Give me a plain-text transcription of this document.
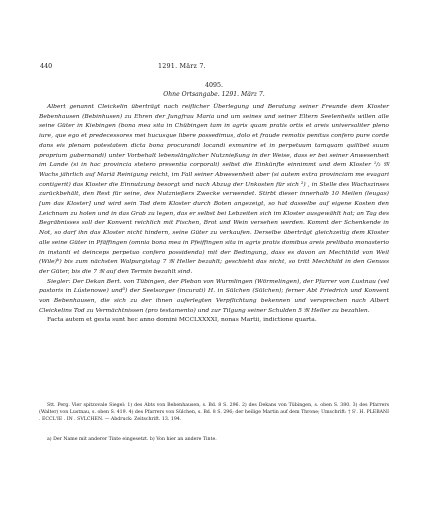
440	1291. März 7.
4095.
Ohne Ortsangabe. 1291. März 7.

Albert genannt Cleickelin überträgt nach reiflicher Überlegung und Beratung seiner Freunde dem Kloster Bebenhausen (Bebinhusen) zu Ehren der Jungfrau Maria und um seines und seiner Eltern Seelenheils willen alle seine Güter in Kiebingen (bona mea sita in Chübingen tam in agris quam pratis ortis et areis universaliter pleno iure, que ego et predecessores mei hucusque libere possedimus, dolo et fraude remotis penitus confero pure corde dans eis plenam potestatem dicta bona procurandi locandi exmunire et in perpetuum tamquam quilibet suum proprium gubernandi) unter Vorbehalt lebenslänglicher Nutznießung in der Weise, dass er bei seiner Anwesenheit im Lande (si in hac provincia stetero presentia corporali) selbst die Einkünfte einnimmt und dem Kloster ¹/₂ 𝔐 Wachs jährlich auf Mariä Reinigung reicht, im Fall seiner Abwesenheit aber (si autem extra provinciam me evagari contigerit) das Kloster die Einnutzung besorgt und nach Abzug der Unkosten für sich ²) , in Stelle des Wachszinses zurückbehält, den Rest für seine, des Nutznießers Zwecke verwendet. Stirbt dieser innerhalb 10 Meilen (leugas) [um das Kloster] und wird sein Tod dem Kloster durch Boten angezeigt, so hat dasselbe auf eigene Kosten den Leichnam zu holen und in das Grab zu legen, das er selbst bei Lebzeiten sich im Kloster ausgewählt hat; an Tag des Begräbnisses soll der Konvent reichlich mit Fischen, Brot und Wein versehen werden. Kommt der Schenkende in Not, so darf ihn das Kloster nicht hindern, seine Güter zu verkaufen. Derselbe überträgt gleichzeitig dem Kloster alle seine Güter in Pfäffingen (omnia bona mea in Pfeiffingen sita in agris pratis domibus areis prelibato monasterio in instanti et deinceps perpetuo confero possidenda) mit der Bedingung, dass es davon an Mechthild von Weil (Wile)ᵇ) bis zum nächsten Walpurgistag 7 𝔐 Heller bezahlt; geschieht das nicht, so tritt Mechthild in den Genuss der Güter, bis die 7 𝔐 auf den Termin bezahlt sind.

Siegler: Der Dekan Bert. von Tübingen, der Pleban von Wurmlingen (Wörmelingen), der Pfarrer von Lustnau (vel pastoris in Lústenowe) und³) der Seelsorger (incurati) H. in Sülchen (Sülchen); ferner Abt Friedrich und Konvent von Bebenhausen, die sich zu der ihnen auferlegten Verpflichtung bekennen und versprechen nach Albert Cleickelins Tod zu Vermächtnissen (pro testamento) und zur Tilgung seiner Schulden 5 𝔐 Heller zu bezahlen.

Facta autem et gesta sunt hec anno domini MCCLXXXXI, nonas Martii, indictione quarta.

Stt. Perg. Vier spitzovale Siegel: 1) des Abts von Bebenhausen, s. Bd. 8 S. 296. 2) des Dekans von Tübingen, s. oben S. 380. 3) des Pfarrers (Walter) von Lustnau, s. oben S. 419. 4) des Pfarrers von Sülchen, s. Bd. 8 S. 296; der heilige Martin auf dem Throne; Umschrift: † S'. H. PLEBANI . ECCL'IE . IN . SVLCHEN. — Abdruck: Zeitschrift. 13. 194.

a) Der Name mit anderer Tinte eingesetzt. b) Von hier an andere Tinte.
